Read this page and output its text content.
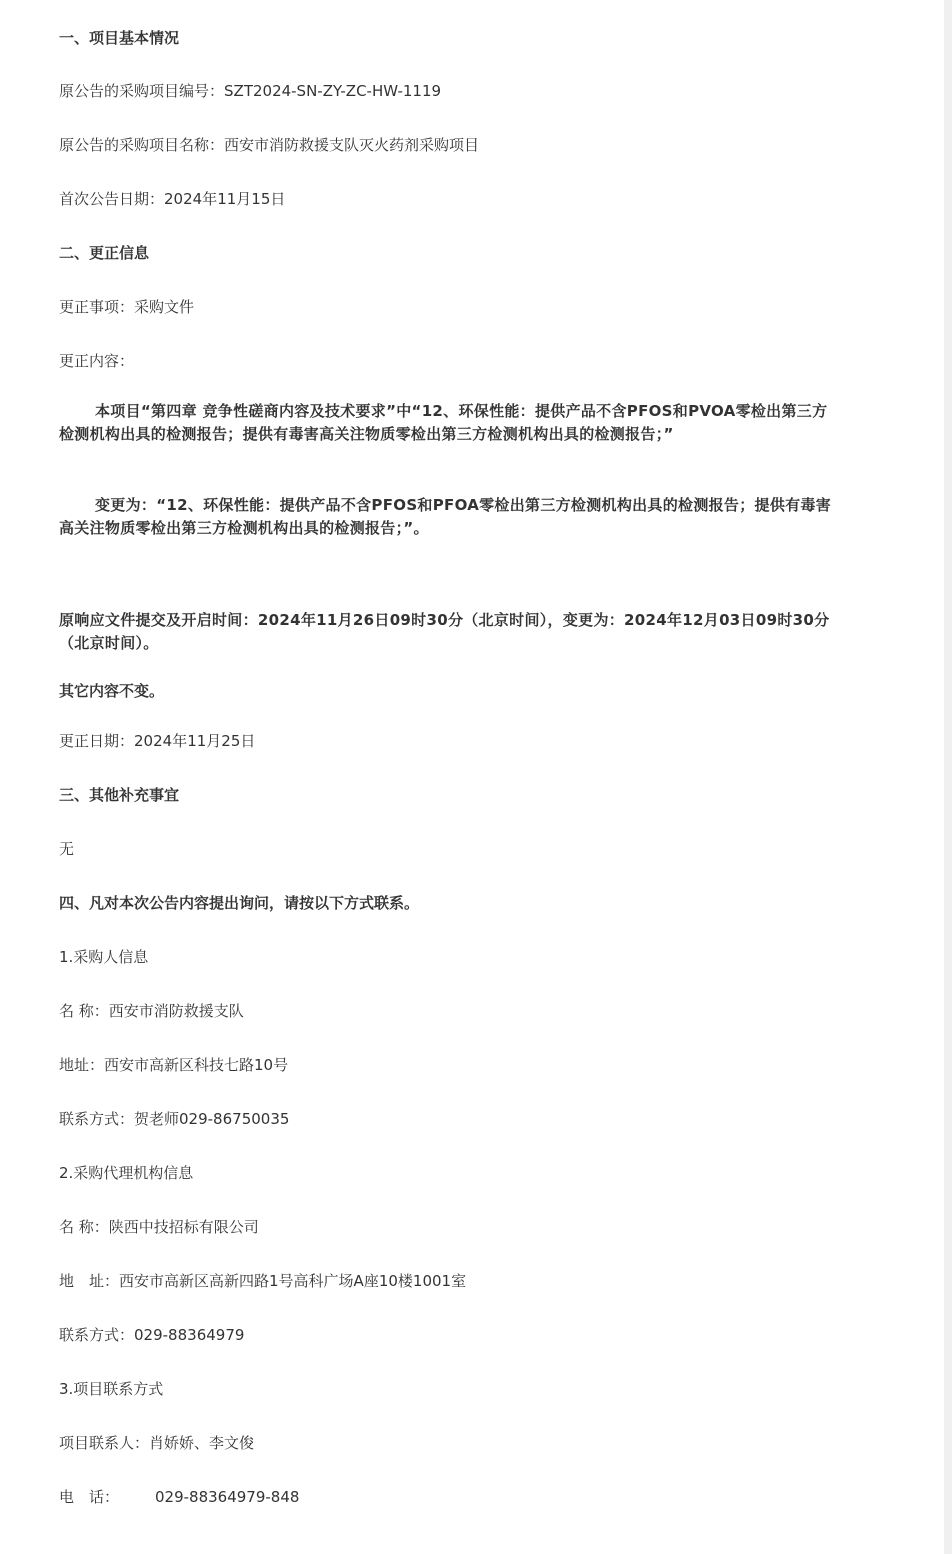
一、项目基本情况
原公告的采购项目编号：SZT2024-SN-ZY-ZC-HW-1119
原公告的采购项目名称：西安市消防救援支队灭火药剂采购项目
首次公告日期：2024年11月15日
二、更正信息
更正事项：采购文件
更正内容：
本项目“第四章 竞争性磋商内容及技术要求”中“12、环保性能：提供产品不含PFOS和PVOA零检出第三方检测机构出具的检测报告；提供有毒害高关注物质零检出第三方检测机构出具的检测报告；”
变更为：“12、环保性能：提供产品不含PFOS和PFOA零检出第三方检测机构出具的检测报告；提供有毒害高关注物质零检出第三方检测机构出具的检测报告；”。
原响应文件提交及开启时间：2024年11月26日09时30分（北京时间），变更为：2024年12月03日09时30分（北京时间）。
其它内容不变。
更正日期：2024年11月25日
三、其他补充事宜
无
四、凡对本次公告内容提出询问，请按以下方式联系。
1.采购人信息
名 称：西安市消防救援支队
地址：西安市高新区科技七路10号
联系方式：贺老师029-86750035
2.采购代理机构信息
名 称：陕西中技招标有限公司
地　址：西安市高新区高新四路1号高科广场A座10楼1001室
联系方式：029-88364979
3.项目联系方式
项目联系人：肖娇娇、李文俊
电　话： 029-88364979-848
